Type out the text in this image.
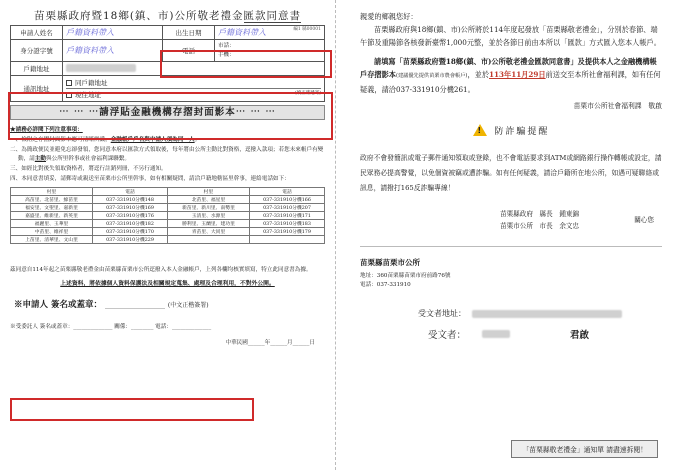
苗栗縣政府暨18鄉(鎮、市)公所敬老禮金匯款同意書
編1 縣00001
申請人姓名	戶籍資料帶入	出生日期	戶籍資料帶入
身分證字號	戶籍資料帶入	電話	市話：
手機：

戶籍地址			
通訊地址	同戶籍地址
現住地址 (填正確遞寄)		
⋯ ⋯ ⋯請浮貼金融機構存摺封面影本⋯ ⋯ ⋯
★請務必詳閱下列注意事項：

一、檢附之存摺封面影本應可清晰辨識，金融帳戶戶名與申請人須為同一人。

二、為簡政便民並避免忘卻發領，您同意本府以匯款方式領取後，每年將由公所主動比對資格，逕撥入款項；若您未來帳戶有變動，請主動與公所里幹事或社會福利課聯繫。

三、如經比對後失領取資格者，將逕行註銷列冊，不另行通知。

四、本同意書填妥，請郵寄或親送至苗栗市公所里幹事，如有相關疑問，請洽戶籍地轄區里幹事，連絡電話如下：

村里	電話	村里	電話
高苗里、北苗里、綠苗里	037-331910分機148	北苗里、福星里	037-331910分機166
福安里、文聖里、嘉新里	037-331910分機169	新苗里、新川里、南勢里	037-331910分機207
嘉盛里、維新里、新英里	037-331910分機176	玉清里、水源里	037-331910分機171
福麗里、玉華里	037-331910分機182	勝利里、玉蘭里、建功里	037-331910分機183
中苗里、維祥里	037-331910分機170	青苗里、大同里	037-331910分機179
上苗里、清華里、文山里	037-331910分機229		
茲同意自114年起之苗栗縣敬老禮金由苗栗縣苗栗市公所逕撥入本人金融帳戶，上列各欄均核實填寫，特立此同意書為據。
上述資料，將依據個人資料保護法及相關規定蒐集、處理及合理利用，不對外公開。
※申請人 簽名或蓋章： ____________________ (中文正楷簽署)
※受委託人 簽名或蓋章：______________ 關係：________ 電話：______________
中華民國______年______月______日
親愛的鄉親您好：
苗栗縣政府與18鄉(鎮、市)公所將於114年度起發放「苗栗縣敬老禮金」，分別於春節、端午節及重陽節各核發新臺幣1,000元整，並於各節日前由本所以「匯款」方式匯入您本人帳戶。
請填寫「苗栗縣政府暨18鄉(鎮、市)公所敬老禮金匯款同意書」及提供本人之金融機構帳戶存摺影本(建議優先提供苗栗市農會帳戶)，並於113年11月29日前送交至本所社會福利課，如有任何疑義，請洽037-331910分機261。
苗栗市公所社會福利課　敬啟
! 防詐騙提醒
政府不會發簡訊或電子郵件通知領取或登錄，也不會電話要求到ATM或網路銀行操作轉帳或設定，請民眾務必提高警覺，以免個資被竊或遭詐騙。如有任何疑義，請洽戶籍所在地公所，如遇可疑聯絡或訊息，請撥打165反詐騙專線！
苗栗縣政府　縣長　鍾東錦
苗栗市公所　市長　余文忠
關心您
苗栗縣苗栗市公所
地址：360苗栗縣苗栗市府前路76號
電話：037-331910
受文者地址：
受文者：	君啟
「苗栗縣敬老禮金」通知單 請盡速拆閱！
